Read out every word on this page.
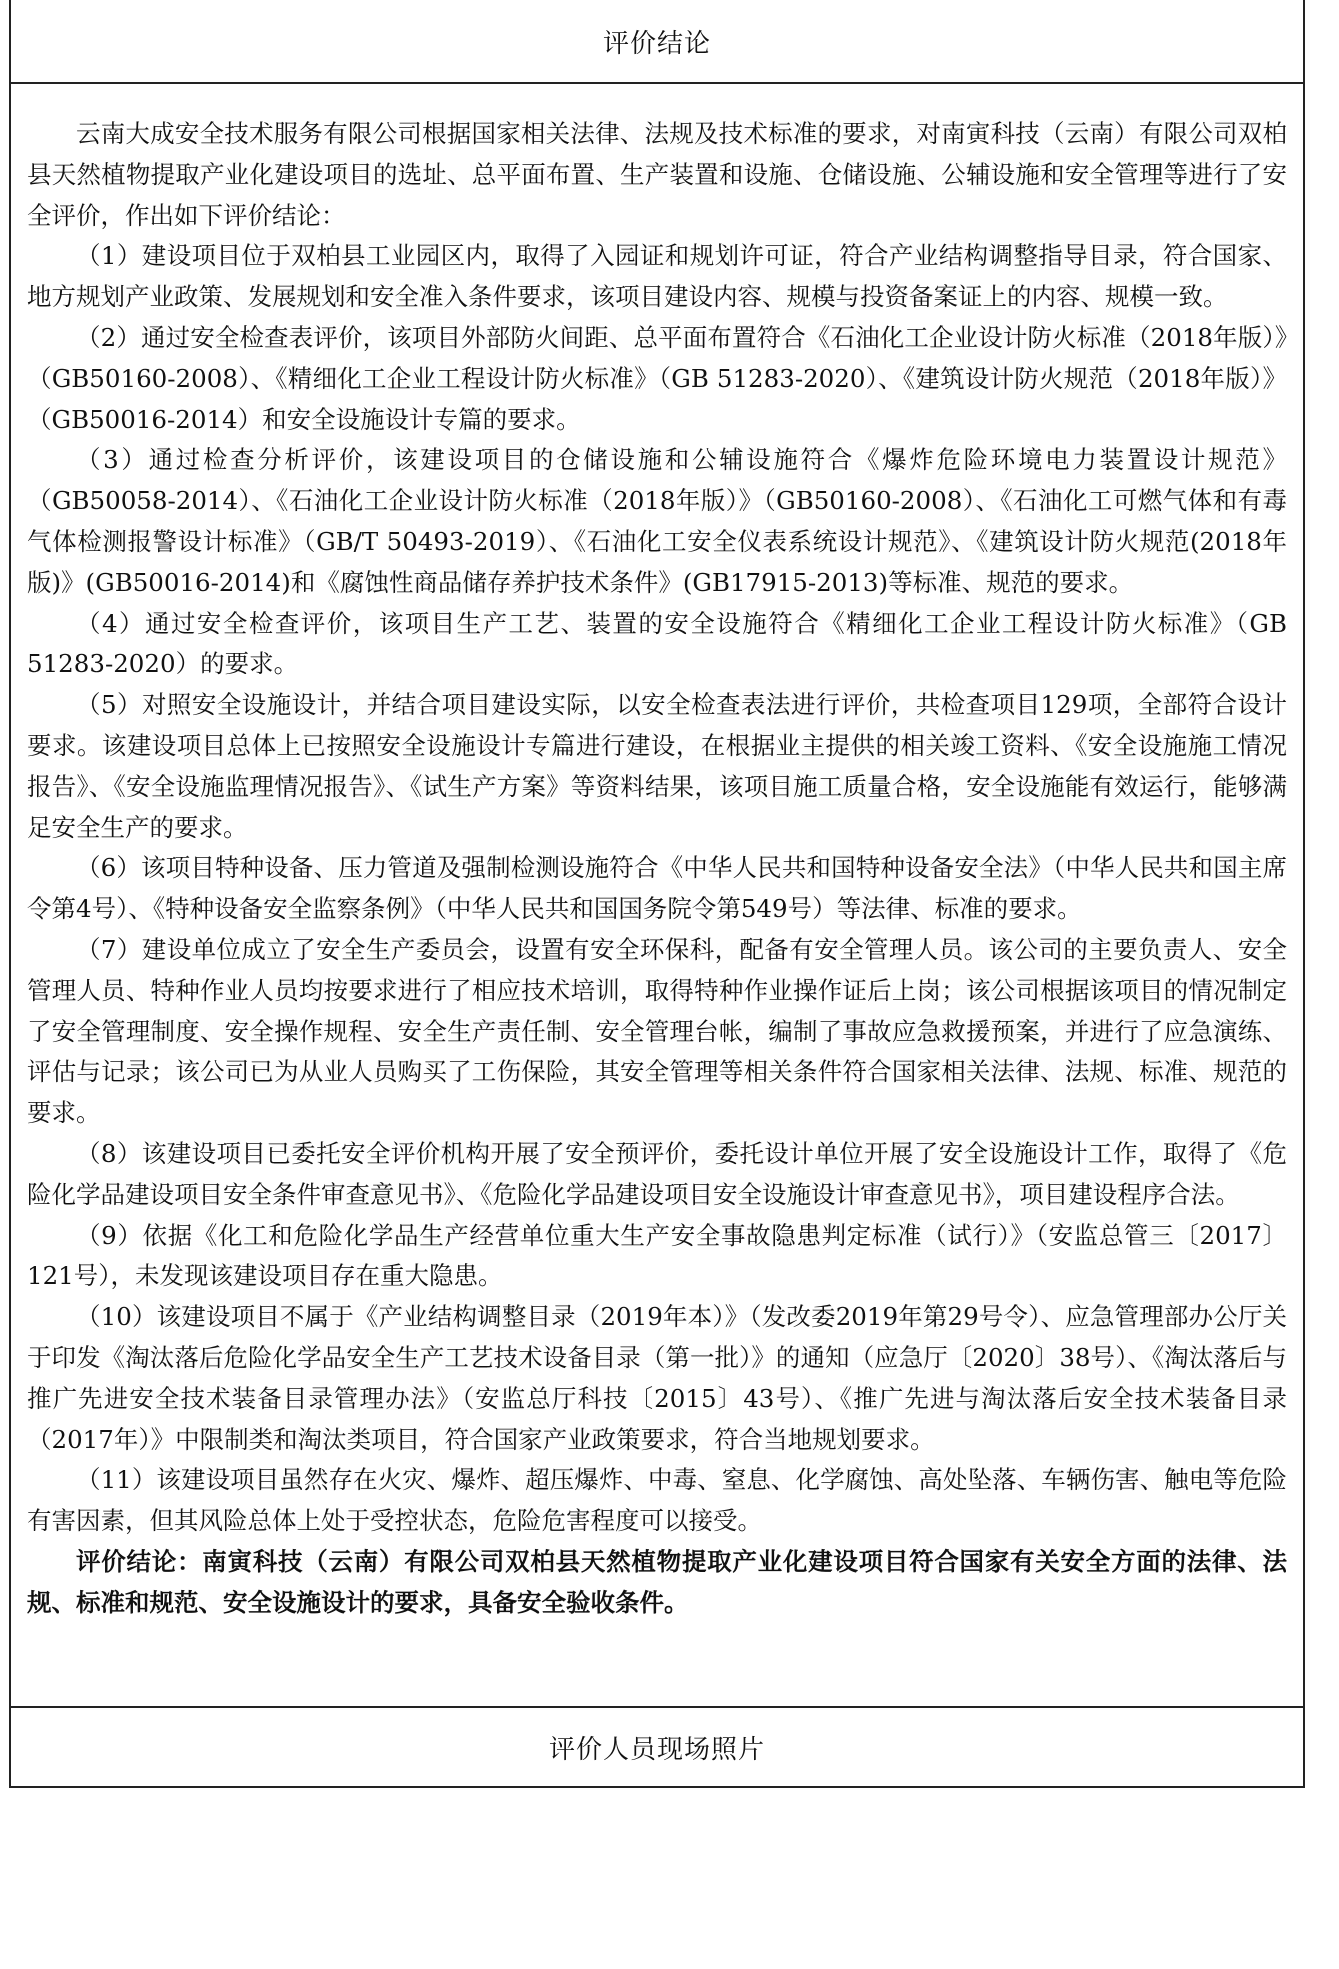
评价结论

云南大成安全技术服务有限公司根据国家相关法律、法规及技术标准的要求，对南寅科技（云南）有限公司双柏县天然植物提取产业化建设项目的选址、总平面布置、生产装置和设施、仓储设施、公辅设施和安全管理等进行了安全评价，作出如下评价结论：

（1）建设项目位于双柏县工业园区内，取得了入园证和规划许可证，符合产业结构调整指导目录，符合国家、地方规划产业政策、发展规划和安全准入条件要求，该项目建设内容、规模与投资备案证上的内容、规模一致。

（2）通过安全检查表评价，该项目外部防火间距、总平面布置符合《石油化工企业设计防火标准（2018年版）》（GB50160-2008）、《精细化工企业工程设计防火标准》（GB 51283-2020）、《建筑设计防火规范（2018年版）》（GB50016-2014）和安全设施设计专篇的要求。

（3）通过检查分析评价，该建设项目的仓储设施和公辅设施符合《爆炸危险环境电力装置设计规范》（GB50058-2014）、《石油化工企业设计防火标准（2018年版）》（GB50160-2008）、《石油化工可燃气体和有毒气体检测报警设计标准》（GB/T 50493-2019）、《石油化工安全仪表系统设计规范》、《建筑设计防火规范(2018年版)》(GB50016-2014)和《腐蚀性商品储存养护技术条件》(GB17915-2013)等标准、规范的要求。

（4）通过安全检查评价，该项目生产工艺、装置的安全设施符合《精细化工企业工程设计防火标准》（GB 51283-2020）的要求。

（5）对照安全设施设计，并结合项目建设实际，以安全检查表法进行评价，共检查项目129项，全部符合设计要求。该建设项目总体上已按照安全设施设计专篇进行建设，在根据业主提供的相关竣工资料、《安全设施施工情况报告》、《安全设施监理情况报告》、《试生产方案》等资料结果，该项目施工质量合格，安全设施能有效运行，能够满足安全生产的要求。

（6）该项目特种设备、压力管道及强制检测设施符合《中华人民共和国特种设备安全法》（中华人民共和国主席令第4号）、《特种设备安全监察条例》（中华人民共和国国务院令第549号）等法律、标准的要求。

（7）建设单位成立了安全生产委员会，设置有安全环保科，配备有安全管理人员。该公司的主要负责人、安全管理人员、特种作业人员均按要求进行了相应技术培训，取得特种作业操作证后上岗；该公司根据该项目的情况制定了安全管理制度、安全操作规程、安全生产责任制、安全管理台帐，编制了事故应急救援预案，并进行了应急演练、评估与记录；该公司已为从业人员购买了工伤保险，其安全管理等相关条件符合国家相关法律、法规、标准、规范的要求。

（8）该建设项目已委托安全评价机构开展了安全预评价，委托设计单位开展了安全设施设计工作，取得了《危险化学品建设项目安全条件审查意见书》、《危险化学品建设项目安全设施设计审查意见书》，项目建设程序合法。

（9）依据《化工和危险化学品生产经营单位重大生产安全事故隐患判定标准（试行）》（安监总管三〔2017〕121号），未发现该建设项目存在重大隐患。

（10）该建设项目不属于《产业结构调整目录（2019年本）》（发改委2019年第29号令）、应急管理部办公厅关于印发《淘汰落后危险化学品安全生产工艺技术设备目录（第一批）》的通知（应急厅〔2020〕38号）、《淘汰落后与推广先进安全技术装备目录管理办法》（安监总厅科技〔2015〕43号）、《推广先进与淘汰落后安全技术装备目录（2017年）》中限制类和淘汰类项目，符合国家产业政策要求，符合当地规划要求。

（11）该建设项目虽然存在火灾、爆炸、超压爆炸、中毒、窒息、化学腐蚀、高处坠落、车辆伤害、触电等危险有害因素，但其风险总体上处于受控状态，危险危害程度可以接受。

评价结论：南寅科技（云南）有限公司双柏县天然植物提取产业化建设项目符合国家有关安全方面的法律、法规、标准和规范、安全设施设计的要求，具备安全验收条件。

评价人员现场照片
